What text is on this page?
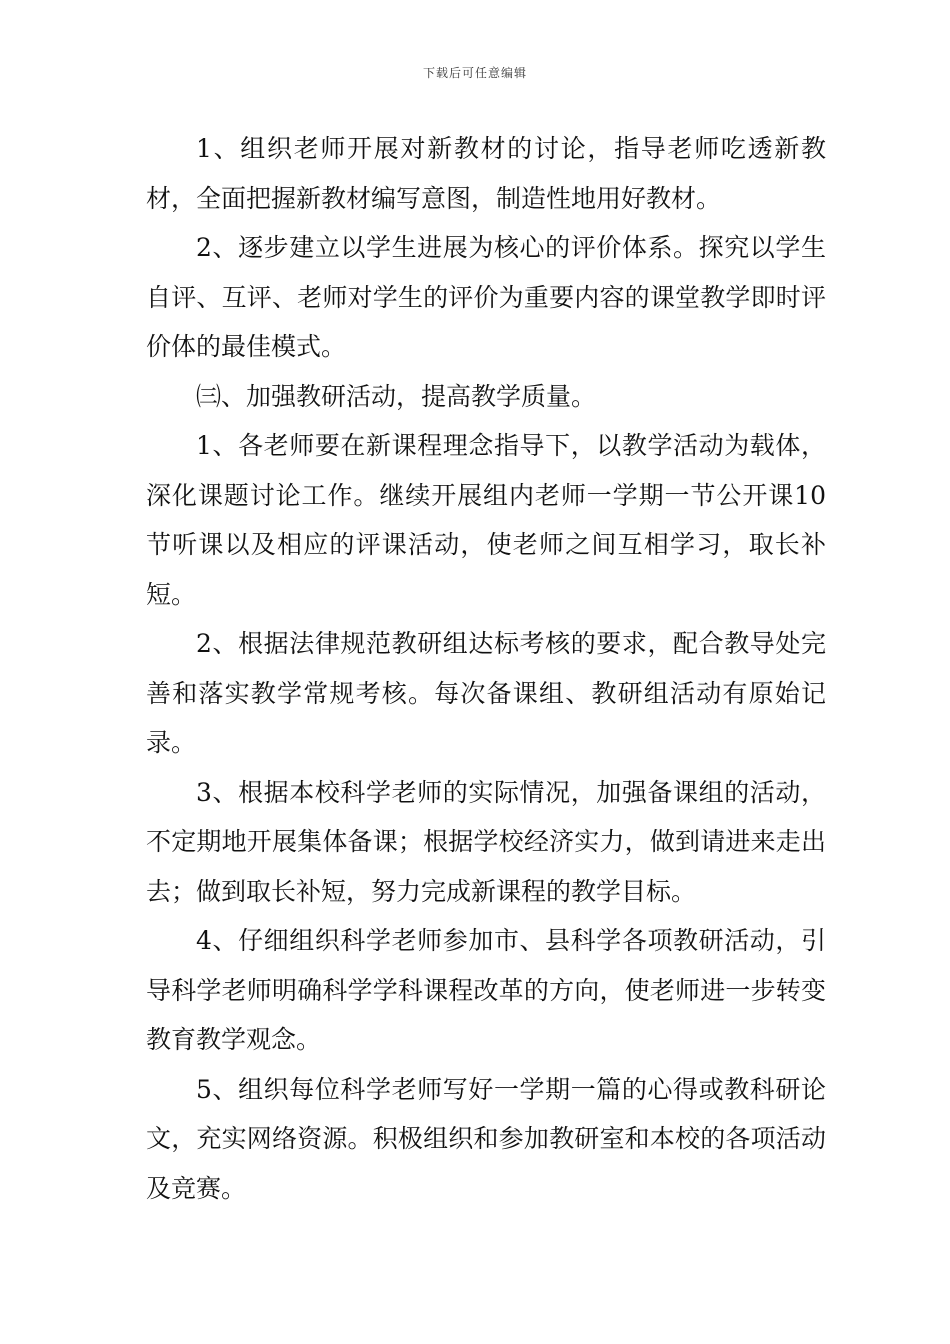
下载后可任意编辑

1、组织老师开展对新教材的讨论，指导老师吃透新教材，全面把握新教材编写意图，制造性地用好教材。

2、逐步建立以学生进展为核心的评价体系。探究以学生自评、互评、老师对学生的评价为重要内容的课堂教学即时评价体的最佳模式。

㈢、加强教研活动，提高教学质量。

1、各老师要在新课程理念指导下，以教学活动为载体，深化课题讨论工作。继续开展组内老师一学期一节公开课10节听课以及相应的评课活动，使老师之间互相学习，取长补短。

2、根据法律规范教研组达标考核的要求，配合教导处完善和落实教学常规考核。每次备课组、教研组活动有原始记录。

3、根据本校科学老师的实际情况，加强备课组的活动，不定期地开展集体备课；根据学校经济实力，做到请进来走出去；做到取长补短，努力完成新课程的教学目标。

4、仔细组织科学老师参加市、县科学各项教研活动，引导科学老师明确科学学科课程改革的方向，使老师进一步转变教育教学观念。

5、组织每位科学老师写好一学期一篇的心得或教科研论文，充实网络资源。积极组织和参加教研室和本校的各项活动及竞赛。
